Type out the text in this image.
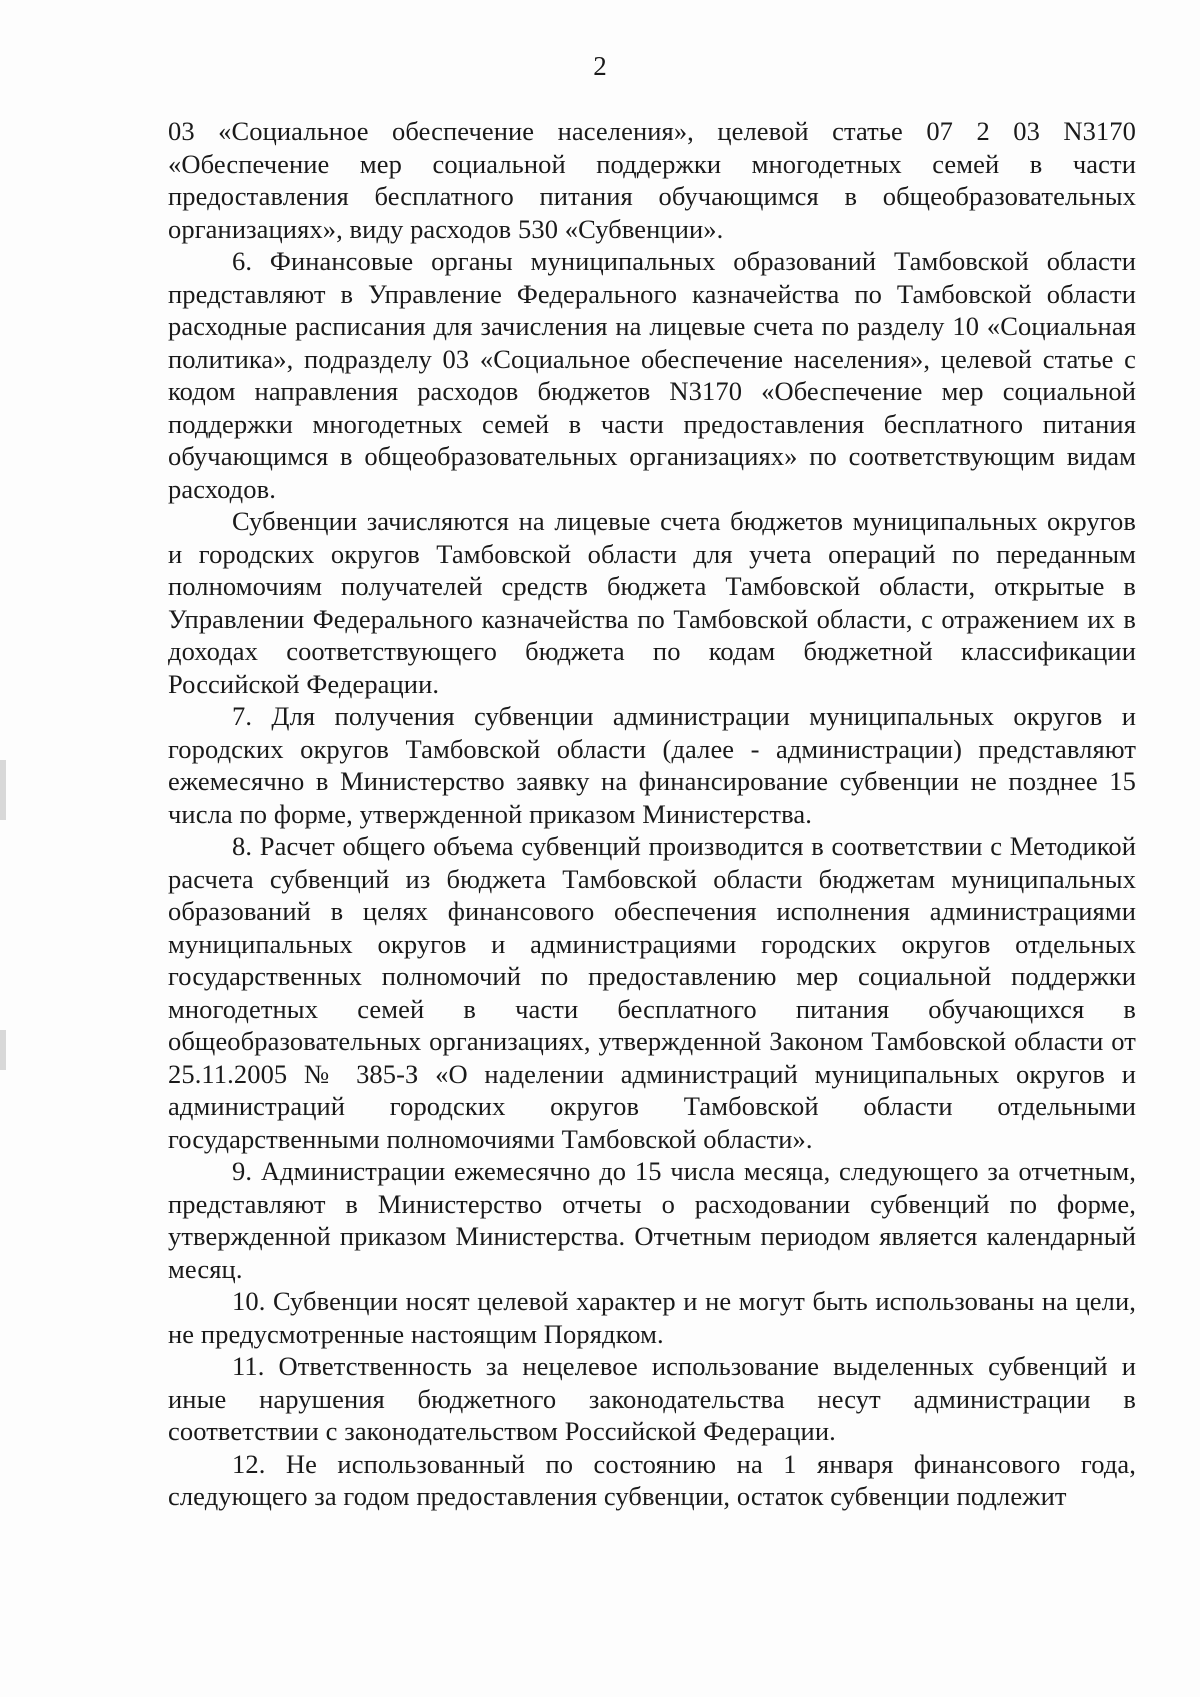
2

03 «Социальное обеспечение населения», целевой статье 07 2 03 N3170 «Обеспечение мер социальной поддержки многодетных семей в части предоставления бесплатного питания обучающимся в общеобразовательных организациях», виду расходов 530 «Субвенции».

6. Финансовые органы муниципальных образований Тамбовской области представляют в Управление Федерального казначейства по Тамбовской области расходные расписания для зачисления на лицевые счета по разделу 10 «Социальная политика», подразделу 03 «Социальное обеспечение населения», целевой статье с кодом направления расходов бюджетов N3170 «Обеспечение мер социальной поддержки многодетных семей в части предоставления бесплатного питания обучающимся в общеобразовательных организациях» по соответствующим видам расходов.

Субвенции зачисляются на лицевые счета бюджетов муниципальных округов и городских округов Тамбовской области для учета операций по переданным полномочиям получателей средств бюджета Тамбовской области, открытые в Управлении Федерального казначейства по Тамбовской области, с отражением их в доходах соответствующего бюджета по кодам бюджетной классификации Российской Федерации.

7. Для получения субвенции администрации муниципальных округов и городских округов Тамбовской области (далее - администрации) представляют ежемесячно в Министерство заявку на финансирование субвенции не позднее 15 числа по форме, утвержденной приказом Министерства.

8. Расчет общего объема субвенций производится в соответствии с Методикой расчета субвенций из бюджета Тамбовской области бюджетам муниципальных образований в целях финансового обеспечения исполнения администрациями муниципальных округов и администрациями городских округов отдельных государственных полномочий по предоставлению мер социальной поддержки многодетных семей в части бесплатного питания обучающихся в общеобразовательных организациях, утвержденной Законом Тамбовской области от 25.11.2005 № 385-З «О наделении администраций муниципальных округов и администраций городских округов Тамбовской области отдельными государственными полномочиями Тамбовской области».

9. Администрации ежемесячно до 15 числа месяца, следующего за отчетным, представляют в Министерство отчеты о расходовании субвенций по форме, утвержденной приказом Министерства. Отчетным периодом является календарный месяц.

10. Субвенции носят целевой характер и не могут быть использованы на цели, не предусмотренные настоящим Порядком.

11. Ответственность за нецелевое использование выделенных субвенций и иные нарушения бюджетного законодательства несут администрации в соответствии с законодательством Российской Федерации.

12. Не использованный по состоянию на 1 января финансового года, следующего за годом предоставления субвенции, остаток субвенции подлежит
